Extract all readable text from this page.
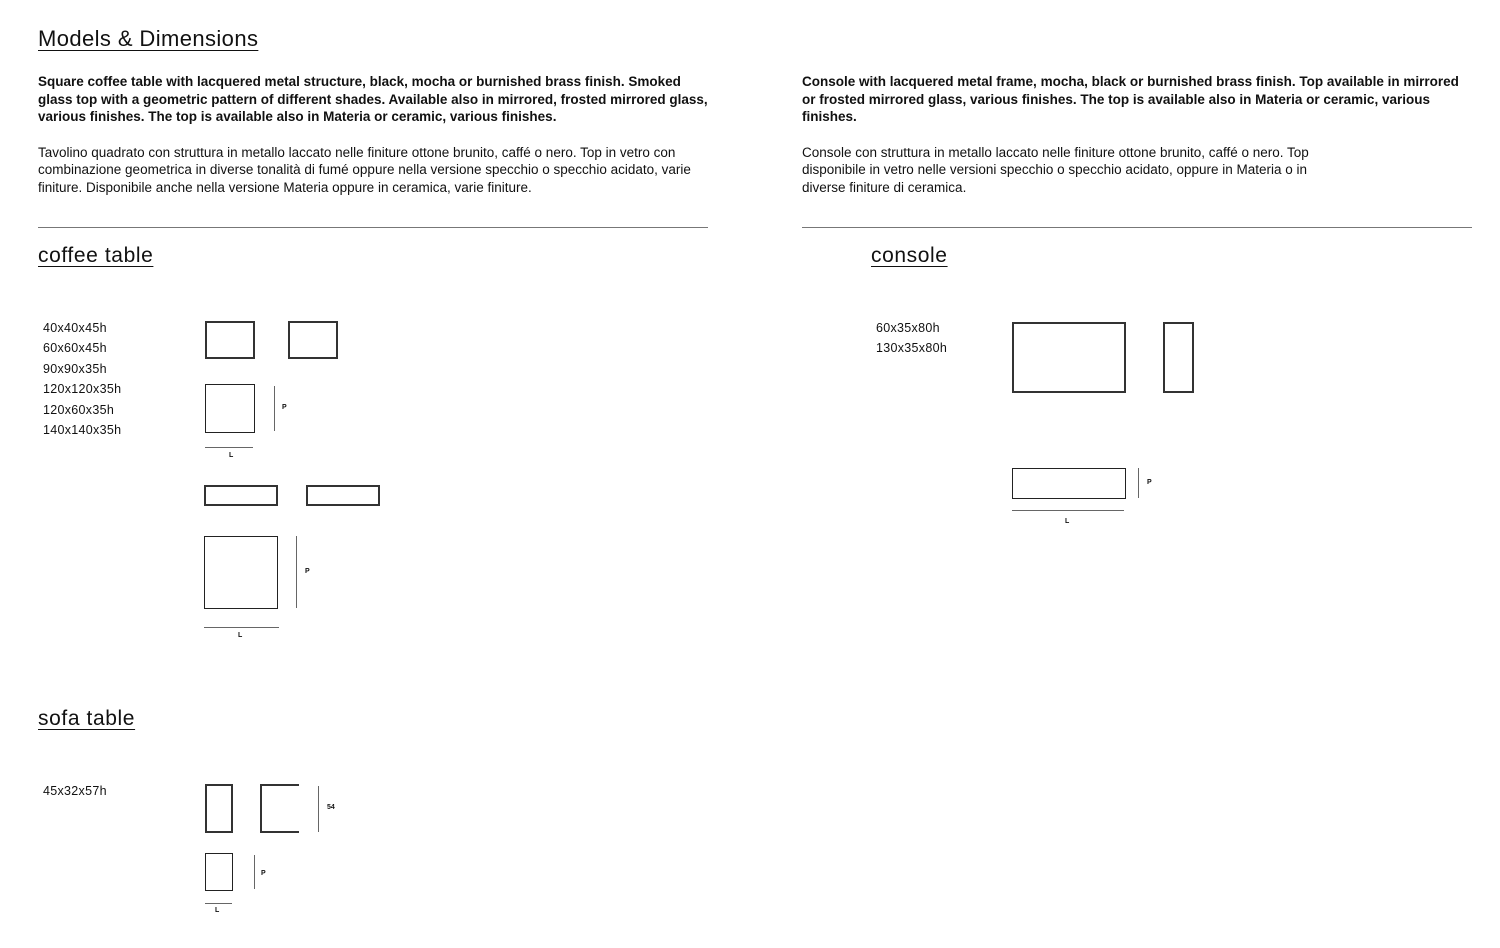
Models & Dimensions
Square coffee table with lacquered metal structure, black, mocha or burnished brass finish. Smoked glass top with a geometric pattern of different shades. Available also in mirrored, frosted mirrored glass, various finishes. The top is available also in Materia or ceramic, various finishes.
Tavolino quadrato con struttura in metallo laccato nelle finiture ottone brunito, caffé o nero. Top in vetro con combinazione geometrica in diverse tonalità di fumé oppure nella versione specchio o specchio acidato, varie finiture. Disponibile anche nella versione Materia oppure in ceramica, varie finiture.
Console with lacquered metal frame, mocha, black or burnished brass finish. Top available in mirrored or frosted mirrored glass, various finishes. The top is available also in Materia or ceramic, various finishes.
Console con struttura in metallo laccato nelle finiture ottone brunito, caffé o nero. Top disponibile in vetro nelle versioni specchio o specchio acidato, oppure in Materia o in diverse finiture di ceramica.
coffee table
40x40x45h
60x60x45h
90x90x35h
120x120x35h
120x60x35h
140x140x35h
P
L
P
L
console
60x35x80h
130x35x80h
P
L
sofa table
45x32x57h
54
P
L
